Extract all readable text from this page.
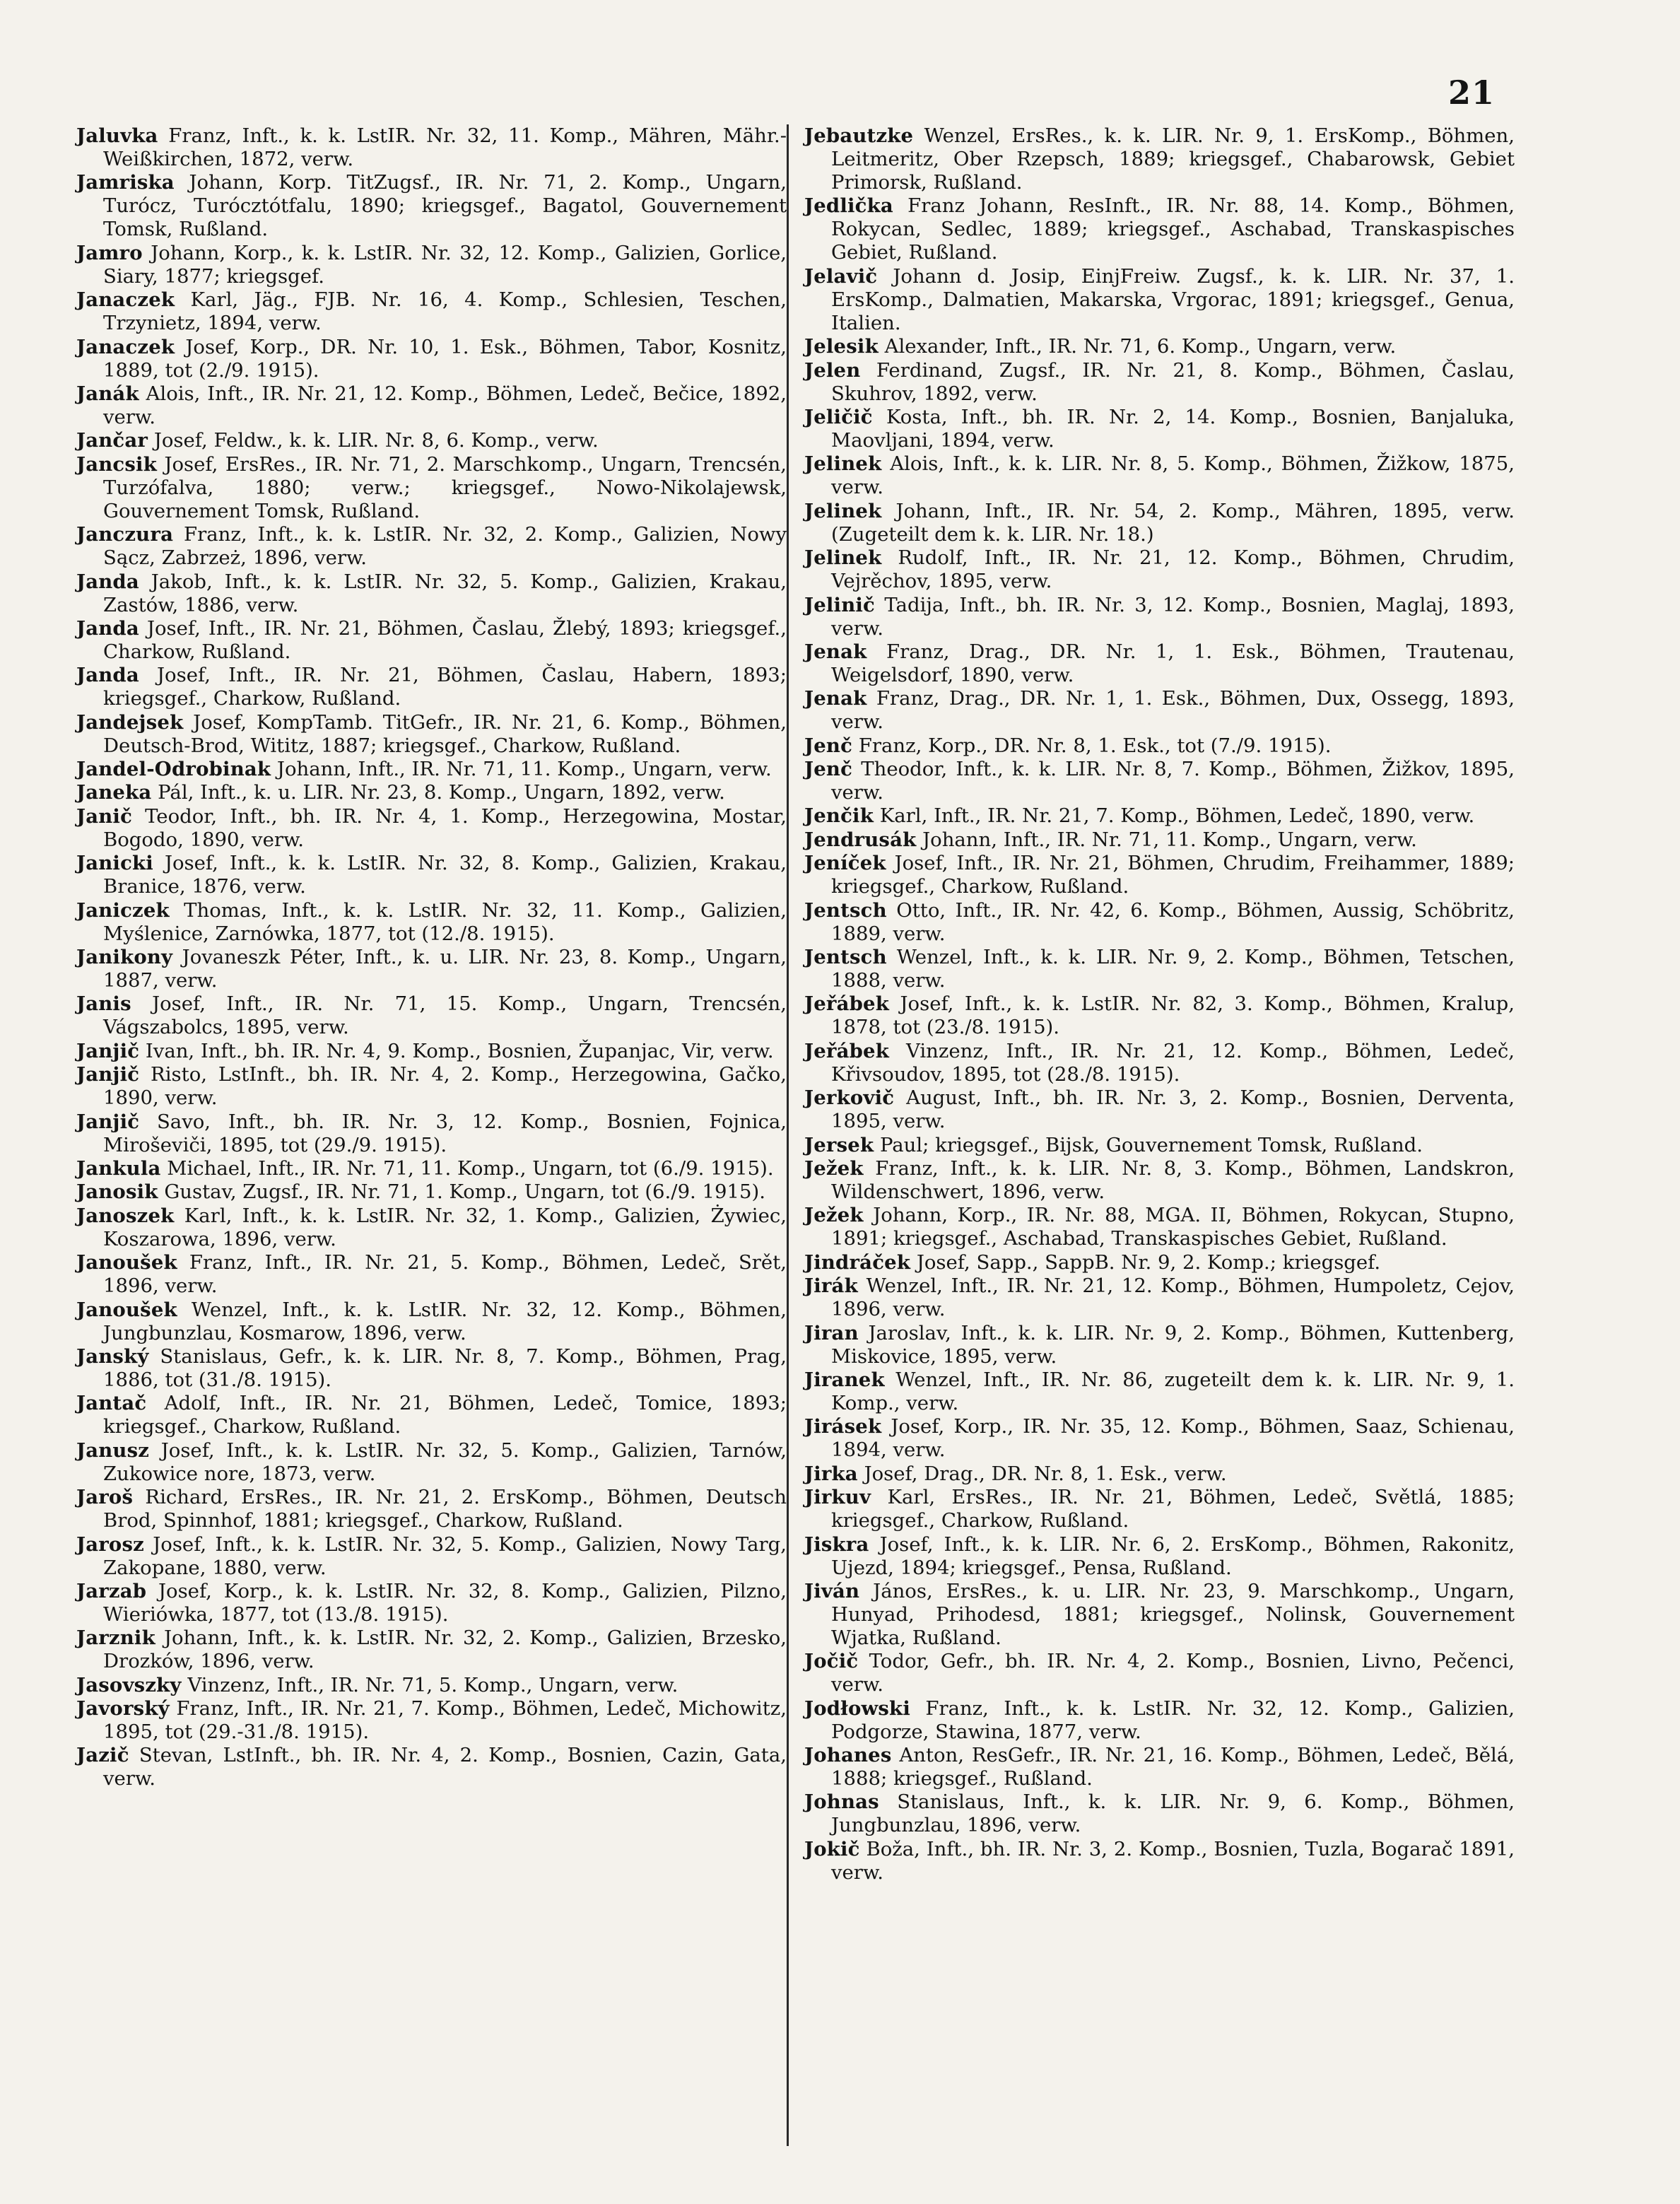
21

Jaluvka Franz, Inft., k. k. LstIR. Nr. 32, 11. Komp., Mähren, Mähr.-Weißkirchen, 1872, verw.

Jamriska Johann, Korp. TitZugsf., IR. Nr. 71, 2. Komp., Ungarn, Turócz, Turócztótfalu, 1890; kriegsgef., Bagatol, Gouvernement Tomsk, Rußland.

Jamro Johann, Korp., k. k. LstIR. Nr. 32, 12. Komp., Galizien, Gorlice, Siary, 1877; kriegsgef.

Janaczek Karl, Jäg., FJB. Nr. 16, 4. Komp., Schlesien, Teschen, Trzynietz, 1894, verw.

Janaczek Josef, Korp., DR. Nr. 10, 1. Esk., Böhmen, Tabor, Kosnitz, 1889, tot (2./9. 1915).

Janák Alois, Inft., IR. Nr. 21, 12. Komp., Böhmen, Ledeč, Bečice, 1892, verw.

Jančar Josef, Feldw., k. k. LIR. Nr. 8, 6. Komp., verw.

Jancsik Josef, ErsRes., IR. Nr. 71, 2. Marschkomp., Ungarn, Trencsén, Turzófalva, 1880; verw.; kriegsgef., Nowo-Nikolajewsk, Gouvernement Tomsk, Rußland.

Janczura Franz, Inft., k. k. LstIR. Nr. 32, 2. Komp., Galizien, Nowy Sącz, Zabrzeż, 1896, verw.

Janda Jakob, Inft., k. k. LstIR. Nr. 32, 5. Komp., Galizien, Krakau, Zastów, 1886, verw.

Janda Josef, Inft., IR. Nr. 21, Böhmen, Časlau, Žlebý, 1893; kriegsgef., Charkow, Rußland.

Janda Josef, Inft., IR. Nr. 21, Böhmen, Časlau, Habern, 1893; kriegsgef., Charkow, Rußland.

Jandejsek Josef, KompTamb. TitGefr., IR. Nr. 21, 6. Komp., Böhmen, Deutsch-Brod, Wititz, 1887; kriegsgef., Charkow, Rußland.

Jandel-Odrobinak Johann, Inft., IR. Nr. 71, 11. Komp., Ungarn, verw.

Janeka Pál, Inft., k. u. LIR. Nr. 23, 8. Komp., Ungarn, 1892, verw.

Janič Teodor, Inft., bh. IR. Nr. 4, 1. Komp., Herzegowina, Mostar, Bogodo, 1890, verw.

Janicki Josef, Inft., k. k. LstIR. Nr. 32, 8. Komp., Galizien, Krakau, Branice, 1876, verw.

Janiczek Thomas, Inft., k. k. LstIR. Nr. 32, 11. Komp., Galizien, Myślenice, Zarnówka, 1877, tot (12./8. 1915).

Janikony Jovaneszk Péter, Inft., k. u. LIR. Nr. 23, 8. Komp., Ungarn, 1887, verw.

Janis Josef, Inft., IR. Nr. 71, 15. Komp., Ungarn, Trencsén, Vágszabolcs, 1895, verw.

Janjič Ivan, Inft., bh. IR. Nr. 4, 9. Komp., Bosnien, Županjac, Vir, verw.

Janjič Risto, LstInft., bh. IR. Nr. 4, 2. Komp., Herzegowina, Gačko, 1890, verw.

Janjič Savo, Inft., bh. IR. Nr. 3, 12. Komp., Bosnien, Fojnica, Miroševiči, 1895, tot (29./9. 1915).

Jankula Michael, Inft., IR. Nr. 71, 11. Komp., Ungarn, tot (6./9. 1915).

Janosik Gustav, Zugsf., IR. Nr. 71, 1. Komp., Ungarn, tot (6./9. 1915).

Janoszek Karl, Inft., k. k. LstIR. Nr. 32, 1. Komp., Galizien, Żywiec, Koszarowa, 1896, verw.

Janoušek Franz, Inft., IR. Nr. 21, 5. Komp., Böhmen, Ledeč, Srět, 1896, verw.

Janoušek Wenzel, Inft., k. k. LstIR. Nr. 32, 12. Komp., Böhmen, Jungbunzlau, Kosmarow, 1896, verw.

Janský Stanislaus, Gefr., k. k. LIR. Nr. 8, 7. Komp., Böhmen, Prag, 1886, tot (31./8. 1915).

Jantač Adolf, Inft., IR. Nr. 21, Böhmen, Ledeč, Tomice, 1893; kriegsgef., Charkow, Rußland.

Janusz Josef, Inft., k. k. LstIR. Nr. 32, 5. Komp., Galizien, Tarnów, Zukowice nore, 1873, verw.

Jaroš Richard, ErsRes., IR. Nr. 21, 2. ErsKomp., Böhmen, Deutsch Brod, Spinnhof, 1881; kriegsgef., Charkow, Rußland.

Jarosz Josef, Inft., k. k. LstIR. Nr. 32, 5. Komp., Galizien, Nowy Targ, Zakopane, 1880, verw.

Jarzab Josef, Korp., k. k. LstIR. Nr. 32, 8. Komp., Galizien, Pilzno, Wieriówka, 1877, tot (13./8. 1915).

Jarznik Johann, Inft., k. k. LstIR. Nr. 32, 2. Komp., Galizien, Brzesko, Drozków, 1896, verw.

Jasovszky Vinzenz, Inft., IR. Nr. 71, 5. Komp., Ungarn, verw.

Javorský Franz, Inft., IR. Nr. 21, 7. Komp., Böhmen, Ledeč, Michowitz, 1895, tot (29.-31./8. 1915).

Jazič Stevan, LstInft., bh. IR. Nr. 4, 2. Komp., Bosnien, Cazin, Gata, verw.

Jebautzke Wenzel, ErsRes., k. k. LIR. Nr. 9, 1. ErsKomp., Böhmen, Leitmeritz, Ober Rzepsch, 1889; kriegsgef., Chabarowsk, Gebiet Primorsk, Rußland.

Jedlička Franz Johann, ResInft., IR. Nr. 88, 14. Komp., Böhmen, Rokycan, Sedlec, 1889; kriegsgef., Aschabad, Transkaspisches Gebiet, Rußland.

Jelavič Johann d. Josip, EinjFreiw. Zugsf., k. k. LIR. Nr. 37, 1. ErsKomp., Dalmatien, Makarska, Vrgorac, 1891; kriegsgef., Genua, Italien.

Jelesik Alexander, Inft., IR. Nr. 71, 6. Komp., Ungarn, verw.

Jelen Ferdinand, Zugsf., IR. Nr. 21, 8. Komp., Böhmen, Časlau, Skuhrov, 1892, verw.

Jeličič Kosta, Inft., bh. IR. Nr. 2, 14. Komp., Bosnien, Banjaluka, Maovljani, 1894, verw.

Jelinek Alois, Inft., k. k. LIR. Nr. 8, 5. Komp., Böhmen, Žižkow, 1875, verw.

Jelinek Johann, Inft., IR. Nr. 54, 2. Komp., Mähren, 1895, verw. (Zugeteilt dem k. k. LIR. Nr. 18.)

Jelinek Rudolf, Inft., IR. Nr. 21, 12. Komp., Böhmen, Chrudim, Vejrěchov, 1895, verw.

Jelinič Tadija, Inft., bh. IR. Nr. 3, 12. Komp., Bosnien, Maglaj, 1893, verw.

Jenak Franz, Drag., DR. Nr. 1, 1. Esk., Böhmen, Trautenau, Weigelsdorf, 1890, verw.

Jenak Franz, Drag., DR. Nr. 1, 1. Esk., Böhmen, Dux, Ossegg, 1893, verw.

Jenč Franz, Korp., DR. Nr. 8, 1. Esk., tot (7./9. 1915).

Jenč Theodor, Inft., k. k. LIR. Nr. 8, 7. Komp., Böhmen, Žižkov, 1895, verw.

Jenčik Karl, Inft., IR. Nr. 21, 7. Komp., Böhmen, Ledeč, 1890, verw.

Jendrusák Johann, Inft., IR. Nr. 71, 11. Komp., Ungarn, verw.

Jeníček Josef, Inft., IR. Nr. 21, Böhmen, Chrudim, Freihammer, 1889; kriegsgef., Charkow, Rußland.

Jentsch Otto, Inft., IR. Nr. 42, 6. Komp., Böhmen, Aussig, Schöbritz, 1889, verw.

Jentsch Wenzel, Inft., k. k. LIR. Nr. 9, 2. Komp., Böhmen, Tetschen, 1888, verw.

Jeřábek Josef, Inft., k. k. LstIR. Nr. 82, 3. Komp., Böhmen, Kralup, 1878, tot (23./8. 1915).

Jeřábek Vinzenz, Inft., IR. Nr. 21, 12. Komp., Böhmen, Ledeč, Křivsoudov, 1895, tot (28./8. 1915).

Jerkovič August, Inft., bh. IR. Nr. 3, 2. Komp., Bosnien, Derventa, 1895, verw.

Jersek Paul; kriegsgef., Bijsk, Gouvernement Tomsk, Rußland.

Ježek Franz, Inft., k. k. LIR. Nr. 8, 3. Komp., Böhmen, Landskron, Wildenschwert, 1896, verw.

Ježek Johann, Korp., IR. Nr. 88, MGA. II, Böhmen, Rokycan, Stupno, 1891; kriegsgef., Aschabad, Transkaspisches Gebiet, Rußland.

Jindráček Josef, Sapp., SappB. Nr. 9, 2. Komp.; kriegsgef.

Jirák Wenzel, Inft., IR. Nr. 21, 12. Komp., Böhmen, Humpoletz, Cejov, 1896, verw.

Jiran Jaroslav, Inft., k. k. LIR. Nr. 9, 2. Komp., Böhmen, Kuttenberg, Miskovice, 1895, verw.

Jiranek Wenzel, Inft., IR. Nr. 86, zugeteilt dem k. k. LIR. Nr. 9, 1. Komp., verw.

Jirásek Josef, Korp., IR. Nr. 35, 12. Komp., Böhmen, Saaz, Schienau, 1894, verw.

Jirka Josef, Drag., DR. Nr. 8, 1. Esk., verw.

Jirkuv Karl, ErsRes., IR. Nr. 21, Böhmen, Ledeč, Světlá, 1885; kriegsgef., Charkow, Rußland.

Jiskra Josef, Inft., k. k. LIR. Nr. 6, 2. ErsKomp., Böhmen, Rakonitz, Ujezd, 1894; kriegsgef., Pensa, Rußland.

Jiván János, ErsRes., k. u. LIR. Nr. 23, 9. Marschkomp., Ungarn, Hunyad, Prihodesd, 1881; kriegsgef., Nolinsk, Gouvernement Wjatka, Rußland.

Jočič Todor, Gefr., bh. IR. Nr. 4, 2. Komp., Bosnien, Livno, Pečenci, verw.

Jodłowski Franz, Inft., k. k. LstIR. Nr. 32, 12. Komp., Galizien, Podgorze, Stawina, 1877, verw.

Johanes Anton, ResGefr., IR. Nr. 21, 16. Komp., Böhmen, Ledeč, Bělá, 1888; kriegsgef., Rußland.

Johnas Stanislaus, Inft., k. k. LIR. Nr. 9, 6. Komp., Böhmen, Jungbunzlau, 1896, verw.

Jokič Boža, Inft., bh. IR. Nr. 3, 2. Komp., Bosnien, Tuzla, Bogarač 1891, verw.
